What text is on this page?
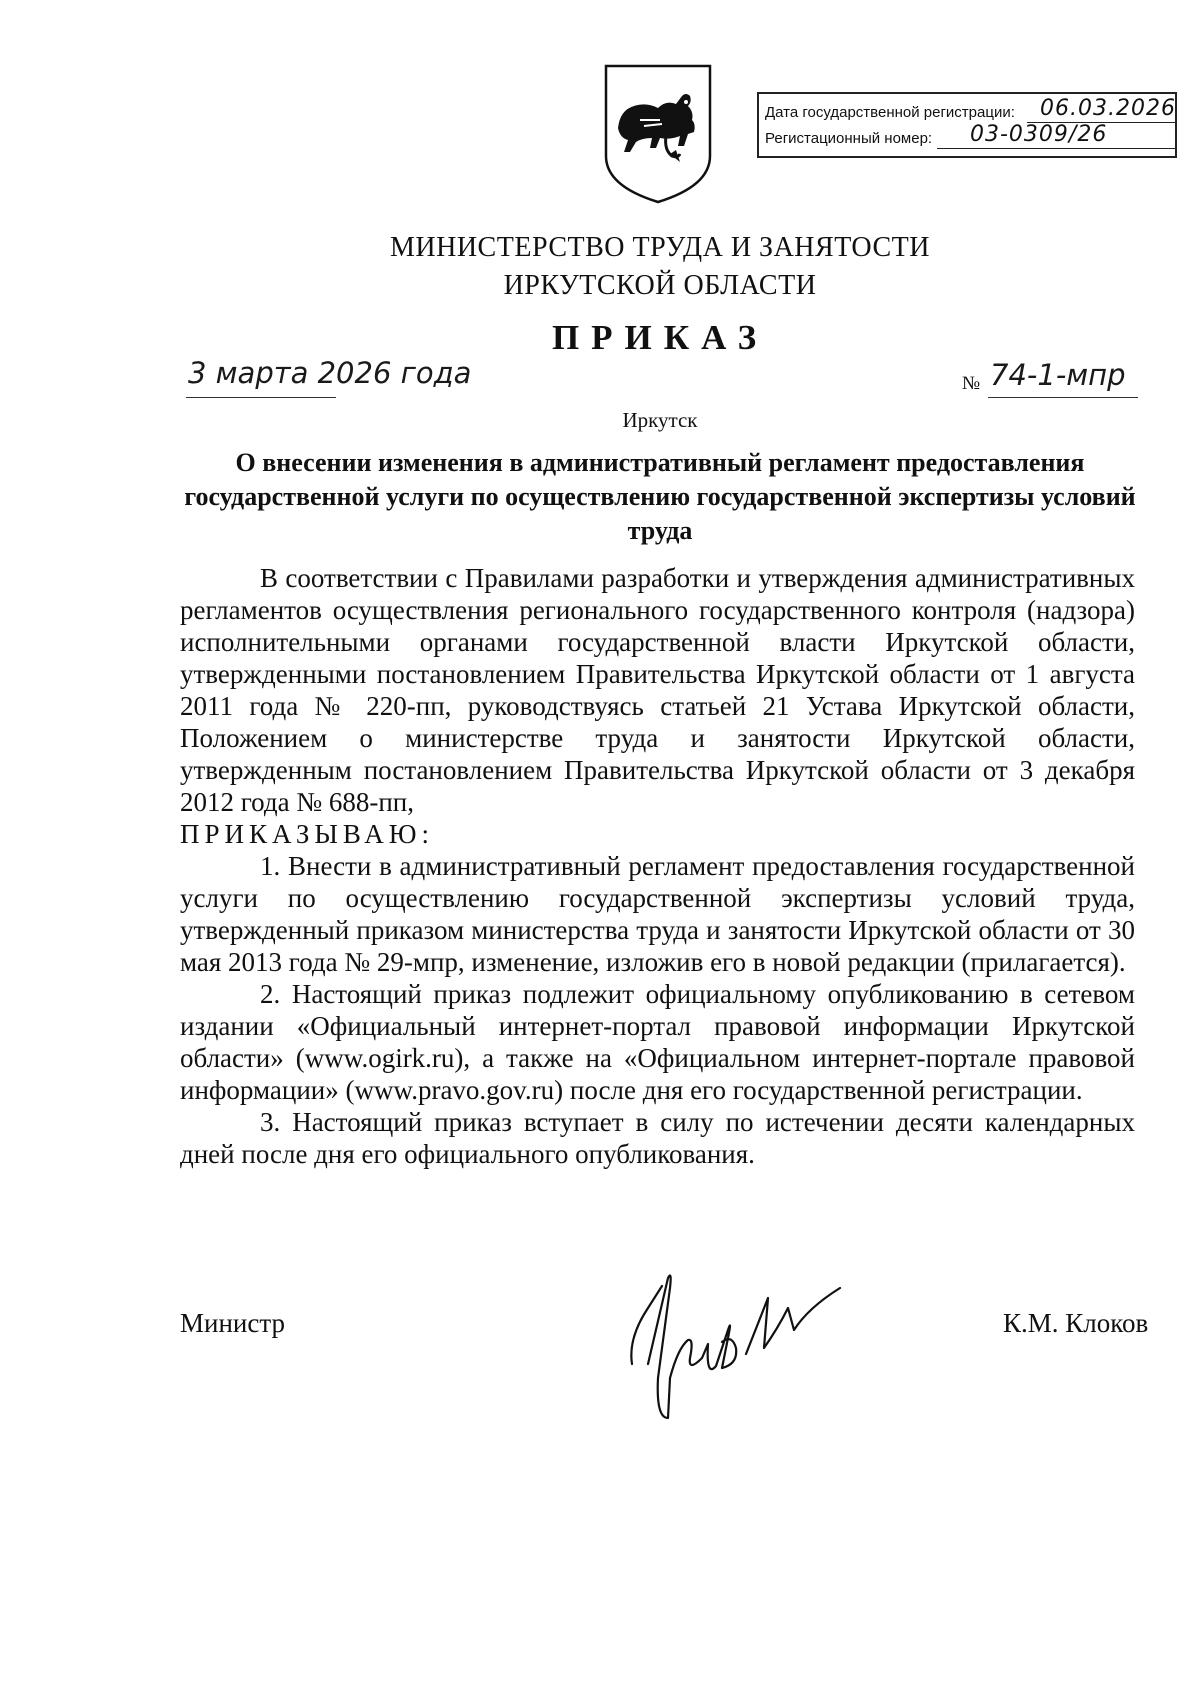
Дата государственной регистрации: 06.03.2026
Регистационный номер: 03-0309/26
МИНИСТЕРСТВО ТРУДА И ЗАНЯТОСТИ
ИРКУТСКОЙ ОБЛАСТИ
ПРИКАЗ
3 марта 2026 года	№ 74-1-мпр
Иркутск
О внесении изменения в административный регламент предоставления государственной услуги по осуществлению государственной экспертизы условий труда

В соответствии с Правилами разработки и утверждения административных регламентов осуществления регионального государственного контроля (надзора) исполнительными органами государственной власти Иркутской области, утвержденными постановлением Правительства Иркутской области от 1 августа 2011 года № 220-пп, руководствуясь статьей 21 Устава Иркутской области, Положением о министерстве труда и занятости Иркутской области, утвержденным постановлением Правительства Иркутской области от 3 декабря 2012 года № 688-пп,

ПРИКАЗЫВАЮ:

1. Внести в административный регламент предоставления государственной услуги по осуществлению государственной экспертизы условий труда, утвержденный приказом министерства труда и занятости Иркутской области от 30 мая 2013 года № 29-мпр, изменение, изложив его в новой редакции (прилагается).

2. Настоящий приказ подлежит официальному опубликованию в сетевом издании «Официальный интернет-портал правовой информации Иркутской области» (www.ogirk.ru), а также на «Официальном интернет-портале правовой информации» (www.pravo.gov.ru) после дня его государственной регистрации.

3. Настоящий приказ вступает в силу по истечении десяти календарных дней после дня его официального опубликования.

Министр	К.М. Клоков
